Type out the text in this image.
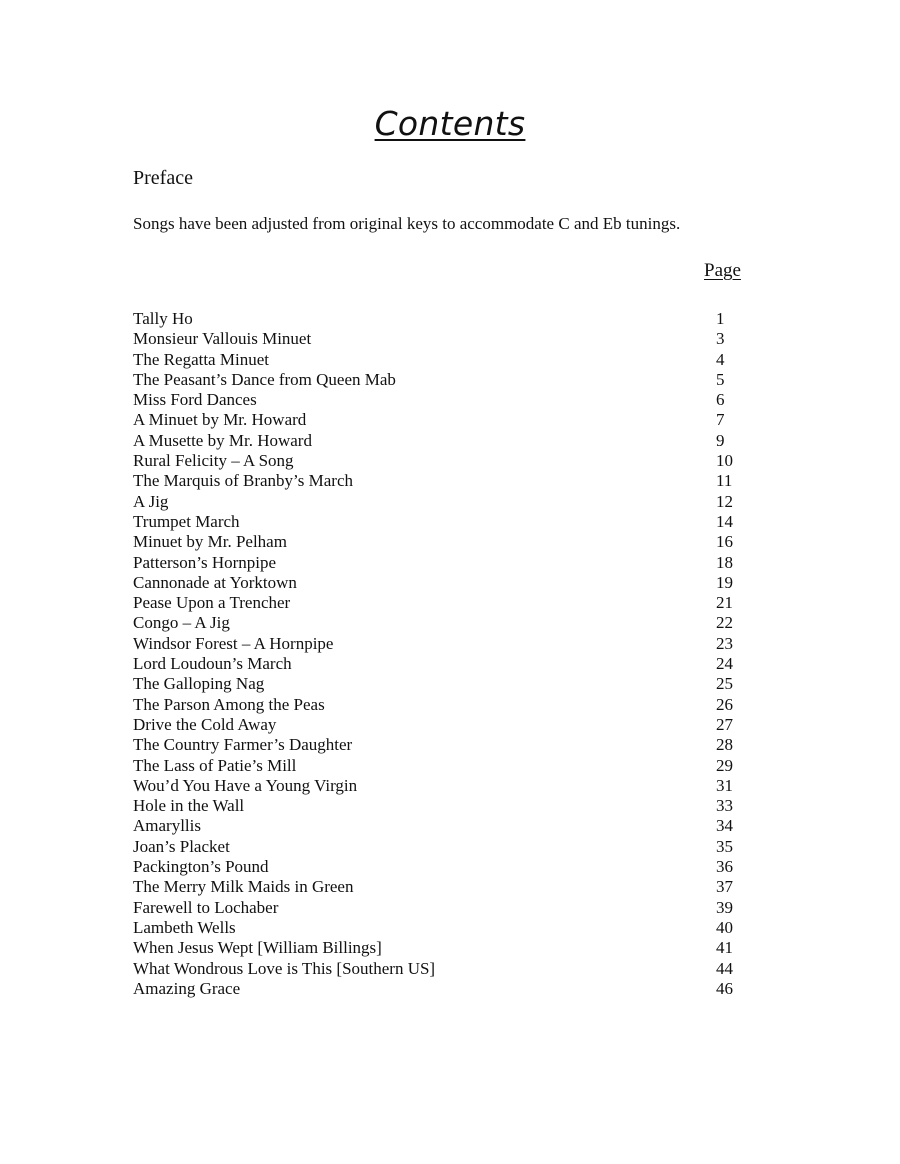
Contents
Preface

Songs have been adjusted from original keys to accommodate C and Eb tunings.

Page
Tally Ho	1
Monsieur Vallouis Minuet	3
The Regatta Minuet	4
The Peasant’s Dance from Queen Mab	5
Miss Ford Dances	6
A Minuet by Mr. Howard	7
A Musette by Mr. Howard	9
Rural Felicity – A Song	10
The Marquis of Branby’s March	11
A Jig	12
Trumpet March	14
Minuet by Mr. Pelham	16
Patterson’s Hornpipe	18
Cannonade at Yorktown	19
Pease Upon a Trencher	21
Congo – A Jig	22
Windsor Forest – A Hornpipe	23
Lord Loudoun’s March	24
The Galloping Nag	25
The Parson Among the Peas	26
Drive the Cold Away	27
The Country Farmer’s Daughter	28
The Lass of Patie’s Mill	29
Wou’d You Have a Young Virgin	31
Hole in the Wall	33
Amaryllis	34
Joan’s Placket	35
Packington’s Pound	36
The Merry Milk Maids in Green	37
Farewell to Lochaber	39
Lambeth Wells	40
When Jesus Wept [William Billings]	41
What Wondrous Love is This [Southern US]	44
Amazing Grace	46
